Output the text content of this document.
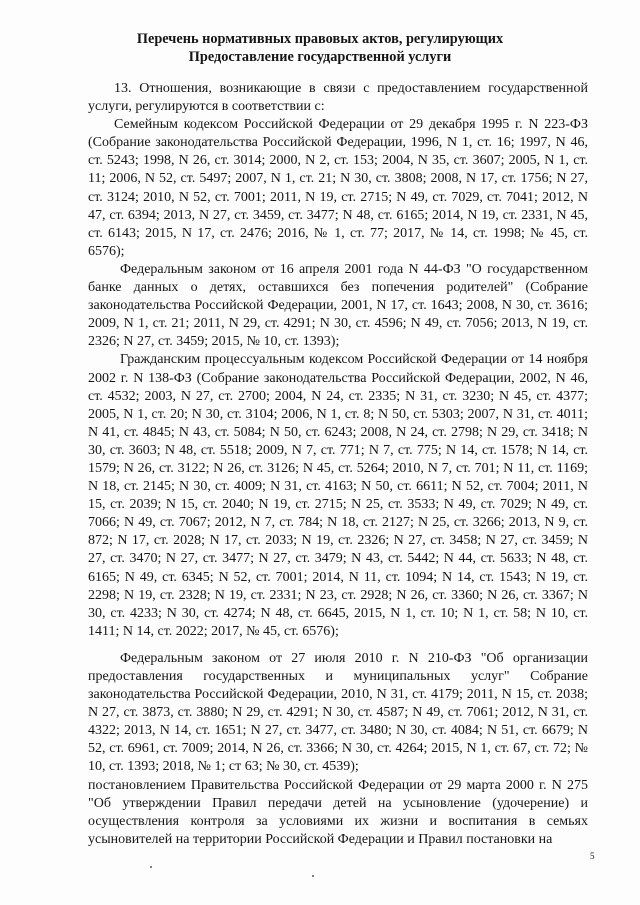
Перечень нормативных правовых актов, регулирующих
Предоставление государственной услуги

13. Отношения, возникающие в связи с предоставлением государственной услуги, регулируются в соответствии с:

Семейным кодексом Российской Федерации от 29 декабря 1995 г. N 223-ФЗ (Собрание законодательства Российской Федерации, 1996, N 1, ст. 16; 1997, N 46, ст. 5243; 1998, N 26, ст. 3014; 2000, N 2, ст. 153; 2004, N 35, ст. 3607; 2005, N 1, ст. 11; 2006, N 52, ст. 5497; 2007, N 1, ст. 21; N 30, ст. 3808; 2008, N 17, ст. 1756; N 27, ст. 3124; 2010, N 52, ст. 7001; 2011, N 19, ст. 2715; N 49, ст. 7029, ст. 7041; 2012, N 47, ст. 6394; 2013, N 27, ст. 3459, ст. 3477; N 48, ст. 6165; 2014, N 19, ст. 2331, N 45, ст. 6143; 2015, N 17, ст. 2476; 2016, № 1, ст. 77; 2017, № 14, ст. 1998; № 45, ст. 6576);

Федеральным законом от 16 апреля 2001 года N 44-ФЗ "О государственном банке данных о детях, оставшихся без попечения родителей" (Собрание законодательства Российской Федерации, 2001, N 17, ст. 1643; 2008, N 30, ст. 3616; 2009, N 1, ст. 21; 2011, N 29, ст. 4291; N 30, ст. 4596; N 49, ст. 7056; 2013, N 19, ст. 2326; N 27, ст. 3459; 2015, № 10, ст. 1393);

Гражданским процессуальным кодексом Российской Федерации от 14 ноября 2002 г. N 138-ФЗ (Собрание законодательства Российской Федерации, 2002, N 46, ст. 4532; 2003, N 27, ст. 2700; 2004, N 24, ст. 2335; N 31, ст. 3230; N 45, ст. 4377; 2005, N 1, ст. 20; N 30, ст. 3104; 2006, N 1, ст. 8; N 50, ст. 5303; 2007, N 31, ст. 4011; N 41, ст. 4845; N 43, ст. 5084; N 50, ст. 6243; 2008, N 24, ст. 2798; N 29, ст. 3418; N 30, ст. 3603; N 48, ст. 5518; 2009, N 7, ст. 771; N 7, ст. 775; N 14, ст. 1578; N 14, ст. 1579; N 26, ст. 3122; N 26, ст. 3126; N 45, ст. 5264; 2010, N 7, ст. 701; N 11, ст. 1169; N 18, ст. 2145; N 30, ст. 4009; N 31, ст. 4163; N 50, ст. 6611; N 52, ст. 7004; 2011, N 15, ст. 2039; N 15, ст. 2040; N 19, ст. 2715; N 25, ст. 3533; N 49, ст. 7029; N 49, ст. 7066; N 49, ст. 7067; 2012, N 7, ст. 784; N 18, ст. 2127; N 25, ст. 3266; 2013, N 9, ст. 872; N 17, ст. 2028; N 17, ст. 2033; N 19, ст. 2326; N 27, ст. 3458; N 27, ст. 3459; N 27, ст. 3470; N 27, ст. 3477; N 27, ст. 3479; N 43, ст. 5442; N 44, ст. 5633; N 48, ст. 6165; N 49, ст. 6345; N 52, ст. 7001; 2014, N 11, ст. 1094; N 14, ст. 1543; N 19, ст. 2298; N 19, ст. 2328; N 19, ст. 2331; N 23, ст. 2928; N 26, ст. 3360; N 26, ст. 3367; N 30, ст. 4233; N 30, ст. 4274; N 48, ст. 6645, 2015, N 1, ст. 10; N 1, ст. 58; N 10, ст. 1411; N 14, ст. 2022; 2017, № 45, ст. 6576);

Федеральным законом от 27 июля 2010 г. N 210-ФЗ "Об организации предоставления государственных и муниципальных услуг" Собрание законодательства Российской Федерации, 2010, N 31, ст. 4179; 2011, N 15, ст. 2038; N 27, ст. 3873, ст. 3880; N 29, ст. 4291; N 30, ст. 4587; N 49, ст. 7061; 2012, N 31, ст. 4322; 2013, N 14, ст. 1651; N 27, ст. 3477, ст. 3480; N 30, ст. 4084; N 51, ст. 6679; N 52, ст. 6961, ст. 7009; 2014, N 26, ст. 3366; N 30, ст. 4264; 2015, N 1, ст. 67, ст. 72; № 10, ст. 1393; 2018, № 1; ст 63; № 30, ст. 4539);

постановлением Правительства Российской Федерации от 29 марта 2000 г. N 275 "Об утверждении Правил передачи детей на усыновление (удочерение) и осуществления контроля за условиями их жизни и воспитания в семьях усыновителей на территории Российской Федерации и Правил постановки на

5
